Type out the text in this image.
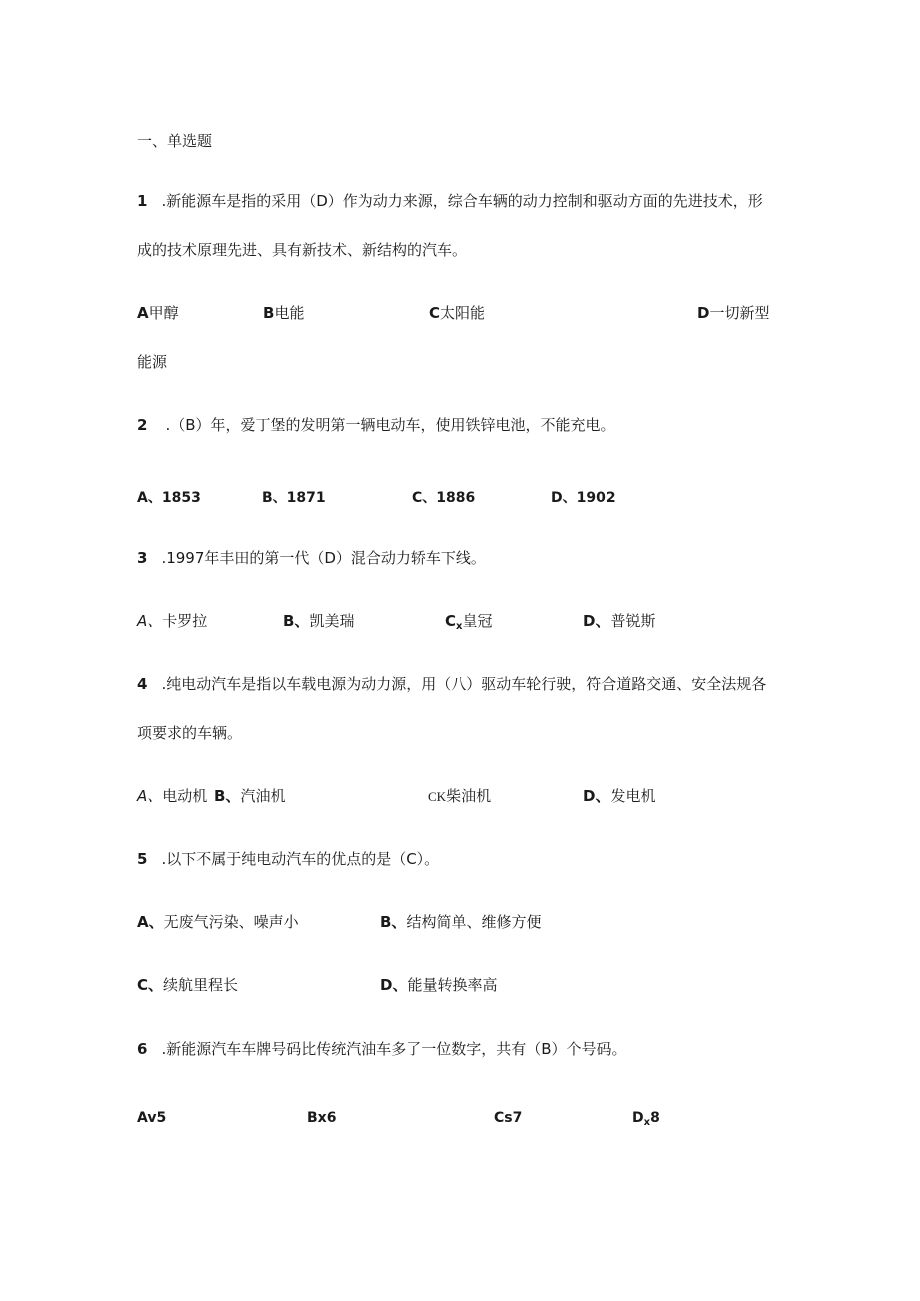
一、单选题
1 .新能源车是指的采用（D）作为动力来源，综合车辆的动力控制和驱动方面的先进技术，形
成的技术原理先进、具有新技术、新结构的汽车。
A甲醇	B电能	C太阳能	D一切新型
能源
2 .（B）年，爱丁堡的发明第一辆电动车，使用铁锌电池，不能充电。
A、1853	B、1871	C、1886	D、1902
3 .1997年丰田的第一代（D）混合动力轿车下线。
A、卡罗拉	B、凯美瑞	$C_x$皇冠	D、普锐斯
4 .纯电动汽车是指以车载电源为动力源，用（八）驱动车轮行驶，符合道路交通、安全法规各
项要求的车辆。
A、电动机 B、汽油机	CK柴油机	D、发电机
5 .以下不属于纯电动汽车的优点的是（C）。
A、无废气污染、噪声小	B、结构简单、维修方便
C、续航里程长	D、能量转换率高
6 .新能源汽车车牌号码比传统汽油车多了一位数字，共有（B）个号码。
Av5	Bx6	Cs7	$D_x8$
